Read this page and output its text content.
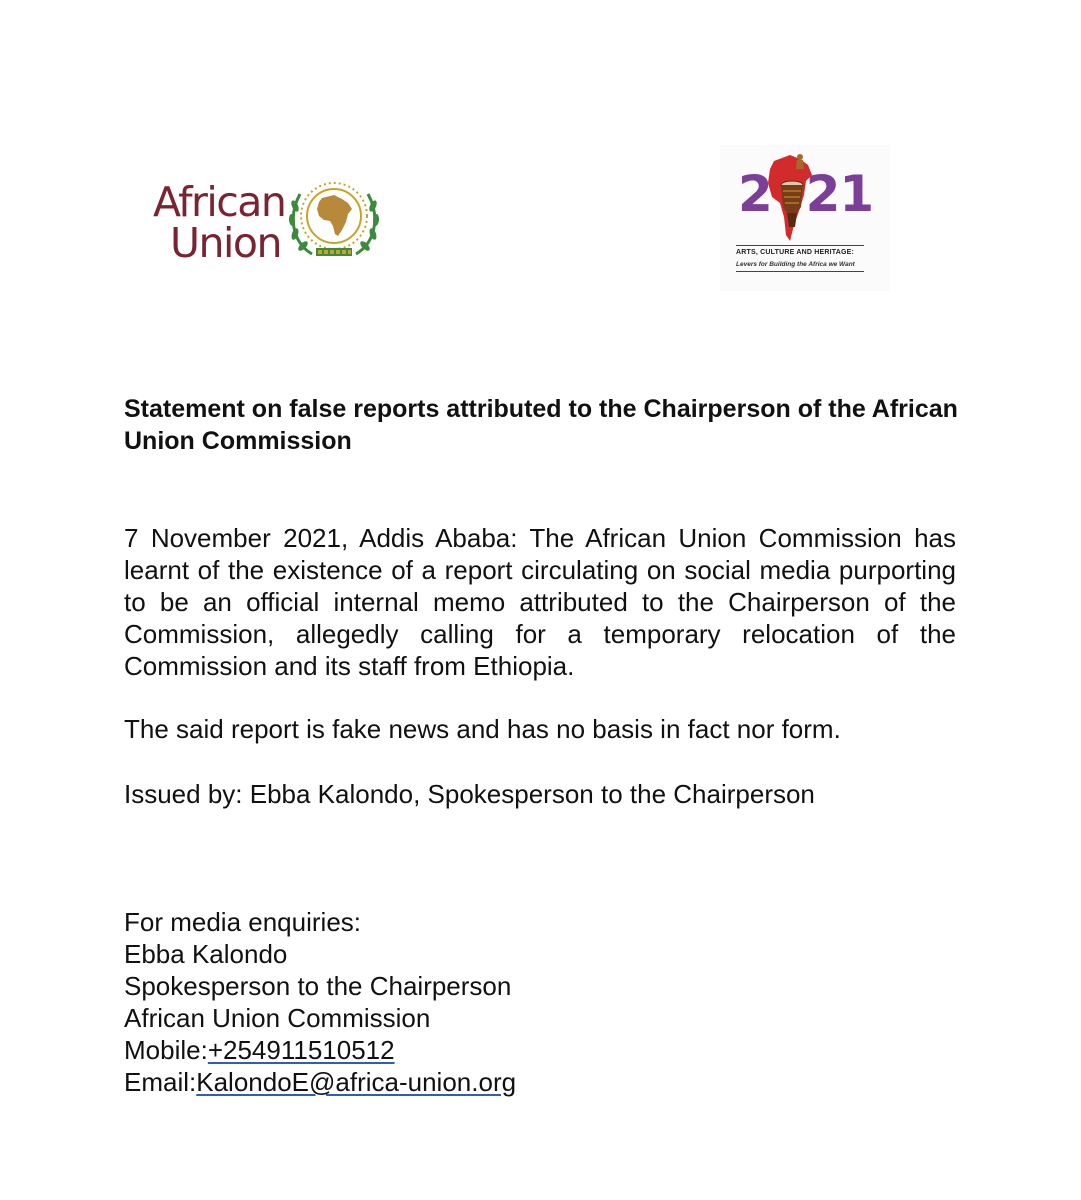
African
Union
2 21
ARTS, CULTURE AND HERITAGE:
Levers for Building the Africa we Want
Statement on false reports attributed to the Chairperson of the African Union Commission

7 November 2021, Addis Ababa: The African Union Commission has learnt of the existence of a report circulating on social media purporting to be an official internal memo attributed to the Chairperson of the Commission, allegedly calling for a temporary relocation of the Commission and its staff from Ethiopia.

The said report is fake news and has no basis in fact nor form.

Issued by: Ebba Kalondo, Spokesperson to the Chairperson

For media enquiries:
Ebba Kalondo
Spokesperson to the Chairperson
African Union Commission
Mobile:+254911510512
Email:KalondoE@africa-union.org
